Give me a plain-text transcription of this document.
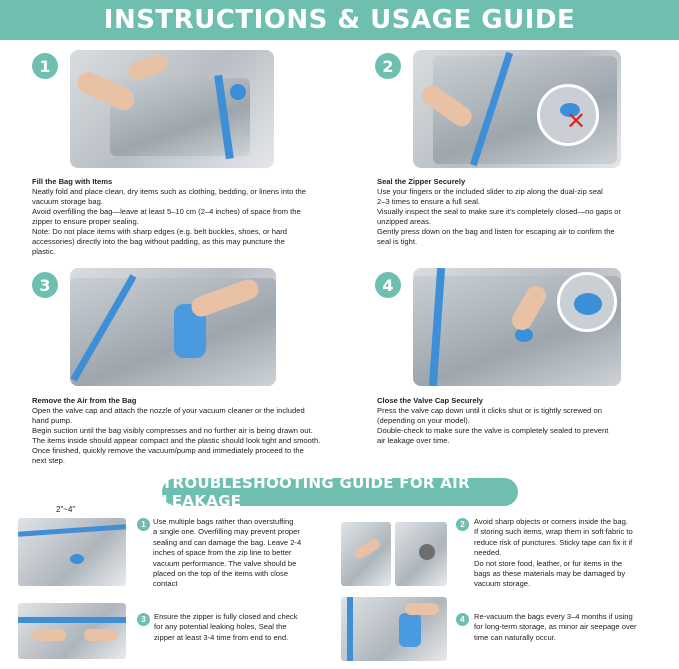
INSTRUCTIONS & USAGE GUIDE
1
Fill the Bag with Items
Neatly fold and place clean, dry items such as clothing, bedding, or linens into the
vacuum storage bag.
Avoid overfilling the bag—leave at least 5–10 cm (2–4 inches) of space from the
zipper to ensure proper sealing.
Note: Do not place items with sharp edges (e.g. belt buckles, shoes, or hard
accessories) directly into the bag without padding, as this may puncture the
plastic.
2
✕
Seal the Zipper Securely
Use your fingers or the included slider to zip along the dual-zip seal
2–3 times to ensure a full seal.
Visually inspect the seal to make sure it's completely closed—no gaps or
unzipped areas.
Gently press down on the bag and listen for escaping air to confirm the
seal is tight.
3
Remove the Air from the Bag
Open the valve cap and attach the nozzle of your vacuum cleaner or the included
hand pump.
Begin suction until the bag visibly compresses and no further air is being drawn out.
The items inside should appear compact and the plastic should look tight and smooth.
Once finished, quickly remove the vacuum/pump and immediately proceed to the
next step.
4
Close the Valve Cap Securely
Press the valve cap down until it clicks shut or is tightly screwed on
(depending on your model).
Double-check to make sure the valve is completely sealed to prevent
air leakage over time.
TROUBLESHOOTING GUIDE FOR AIR LEAKAGE
2"~4"
1 Use multiple bags rather than overstuffing
a single one. Overfilling may prevent proper
sealing and can damage the bag. Leave 2-4
inches of space from the zip line to better
vacuum performance. The valve should be
placed on the top of the items with close
contact
2	Avoid sharp objects or corners inside the bag.
If storing such items, wrap them in soft fabric to
reduce risk of punctures. Sticky tape can fix it if
needed.
Do not store food, leather, or fur items in the
bags as these materials may be damaged by
vacuum storage.
3	Ensure the zipper is fully closed and check
for any potential leaking holes, Seal the
zipper at least 3-4 time from end to end.
4	Re-vacuum the bags every 3–4 months if using
for long-term storage, as minor air seepage over
time can naturally occur.
